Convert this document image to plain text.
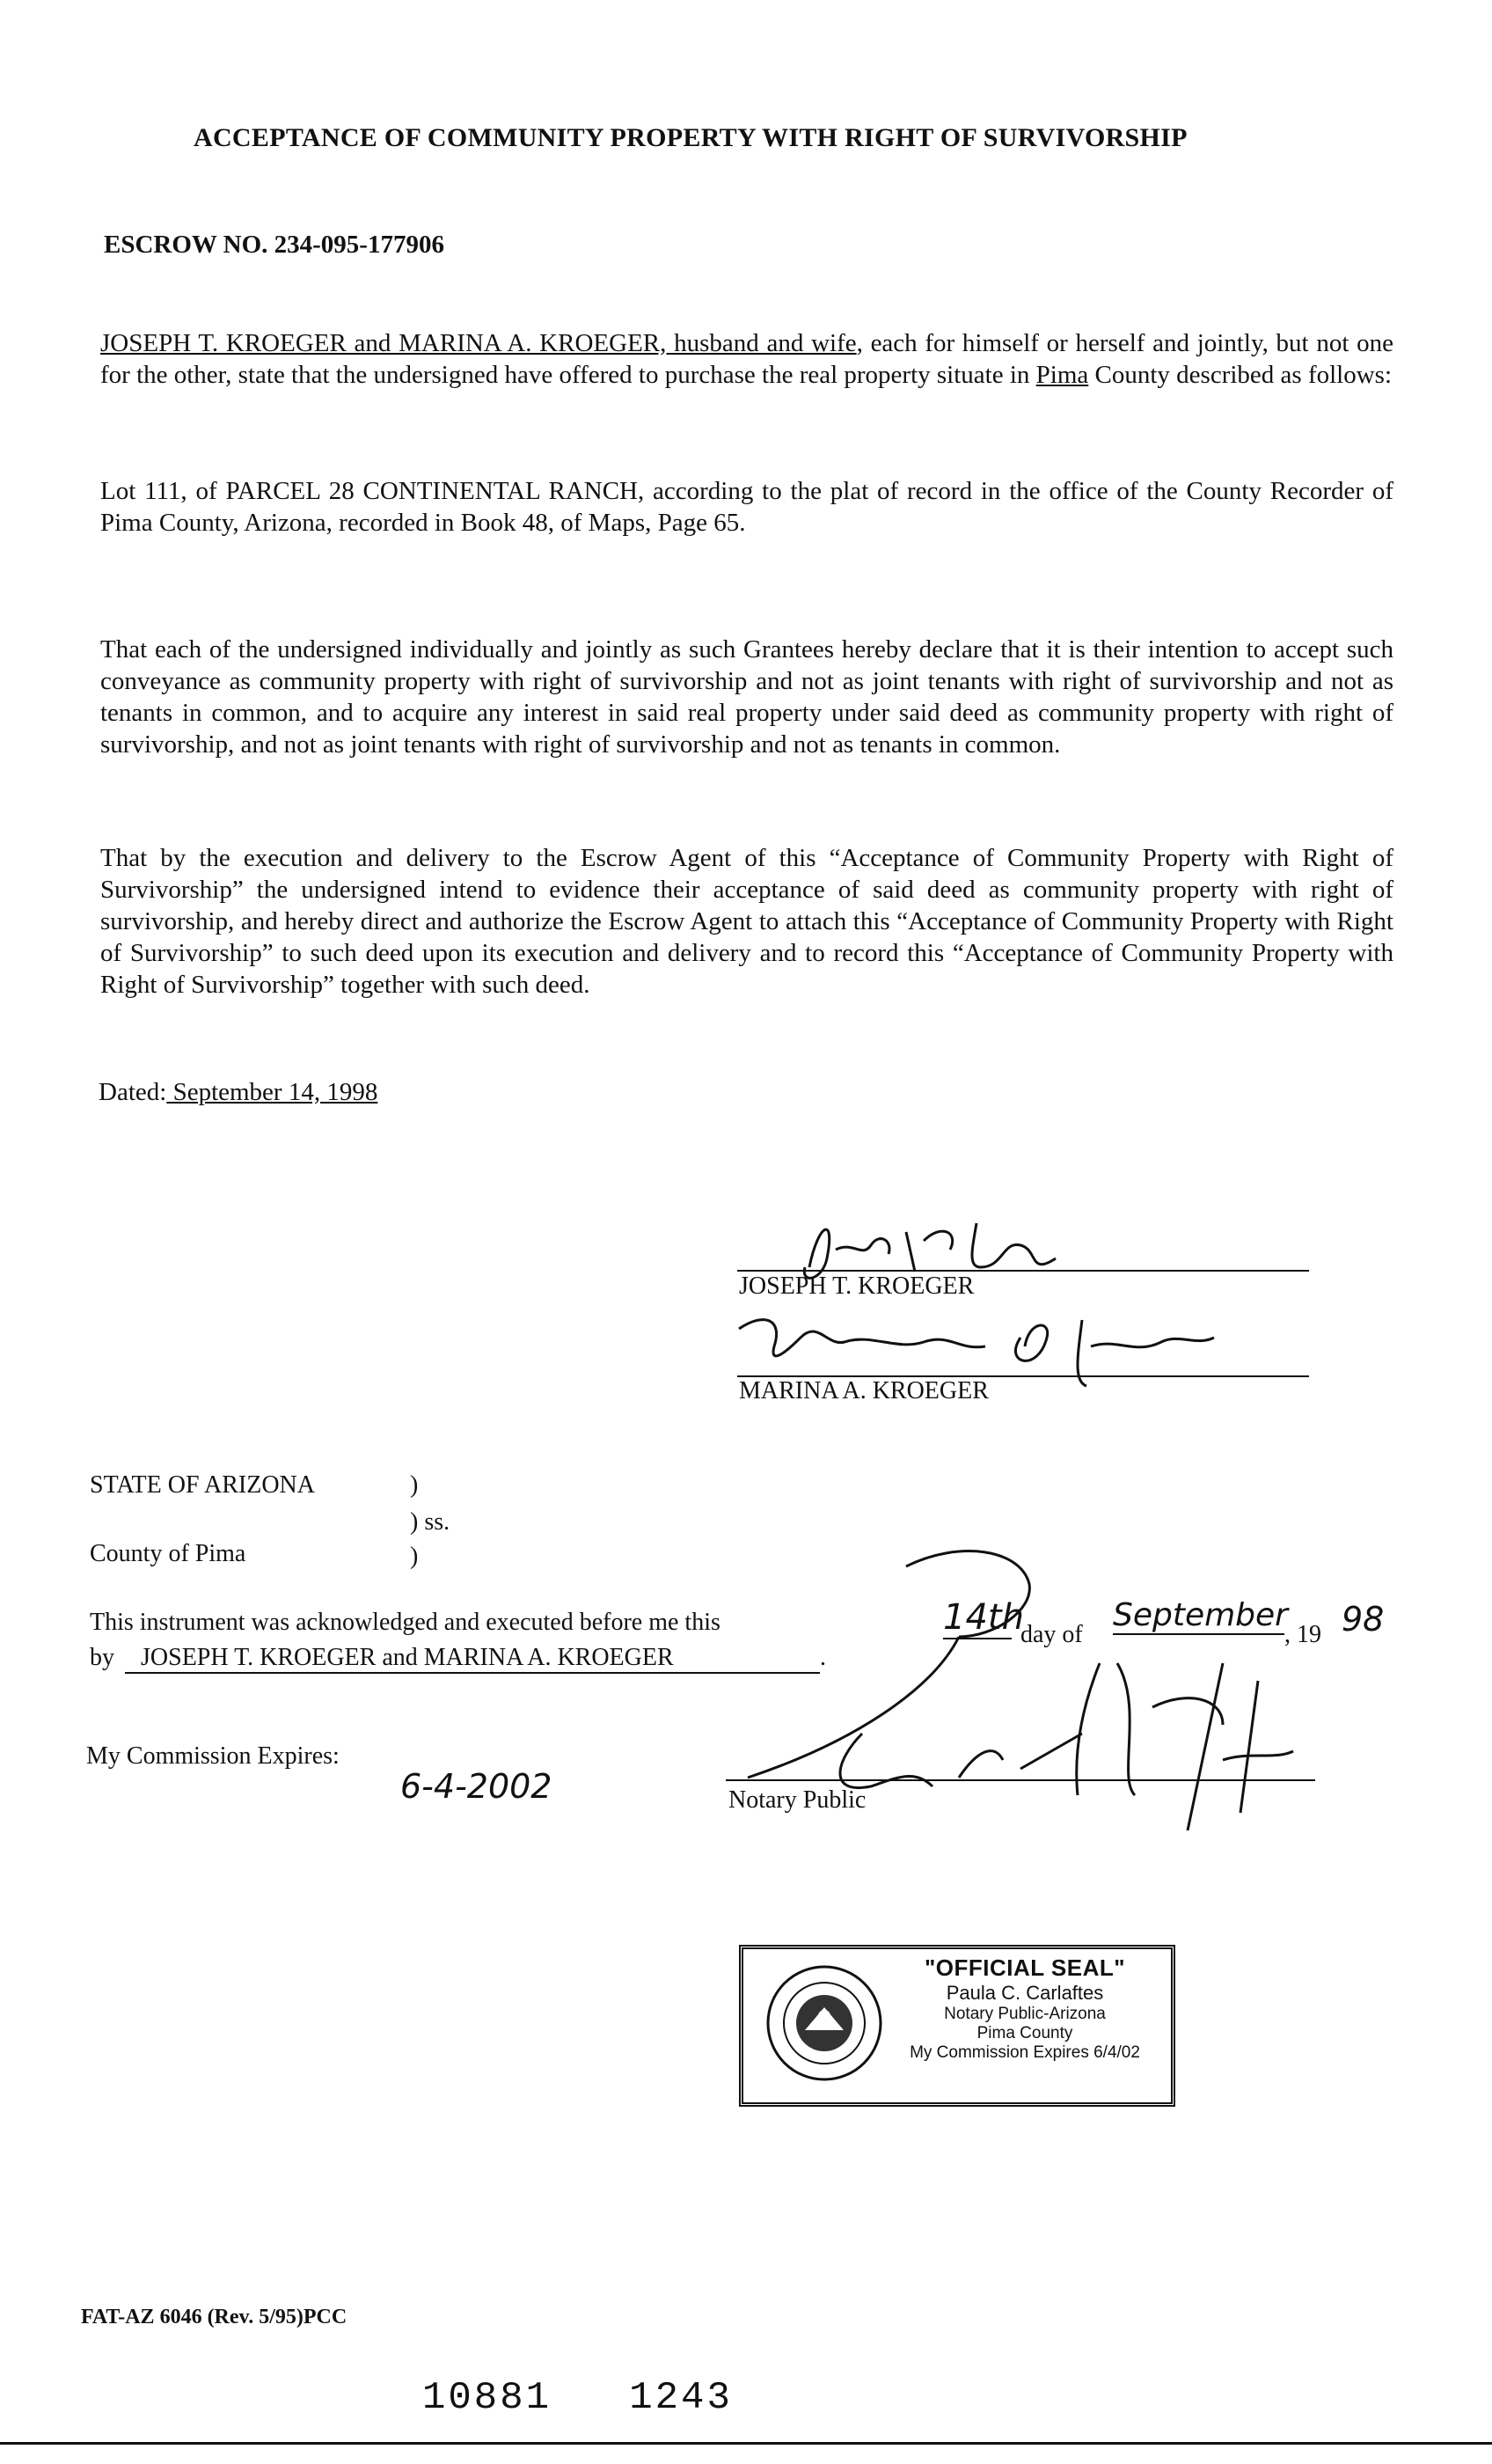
ACCEPTANCE OF COMMUNITY PROPERTY WITH RIGHT OF SURVIVORSHIP
ESCROW NO. 234-095-177906
JOSEPH T. KROEGER and MARINA A. KROEGER, husband and wife, each for himself or herself and jointly, but not one for the other, state that the undersigned have offered to purchase the real property situate in Pima County described as follows:
Lot 111, of PARCEL 28 CONTINENTAL RANCH, according to the plat of record in the office of the County Recorder of Pima County, Arizona, recorded in Book 48, of Maps, Page 65.
That each of the undersigned individually and jointly as such Grantees hereby declare that it is their intention to accept such conveyance as community property with right of survivorship and not as joint tenants with right of survivorship and not as tenants in common, and to acquire any interest in said real property under said deed as community property with right of survivorship, and not as joint tenants with right of survivorship and not as tenants in common.
That by the execution and delivery to the Escrow Agent of this “Acceptance of Community Property with Right of Survivorship” the undersigned intend to evidence their acceptance of said deed as community property with right of survivorship, and hereby direct and authorize the Escrow Agent to attach this “Acceptance of Community Property with Right of Survivorship” to such deed upon its execution and delivery and to record this “Acceptance of Community Property with Right of Survivorship” together with such deed.
Dated: September 14, 1998
JOSEPH T. KROEGER
MARINA A. KROEGER
STATE OF ARIZONA	)
) ss.
County of Pima	)
This instrument was acknowledged and executed before me this	14th
day of
September
, 19 98
by	JOSEPH T. KROEGER and MARINA A. KROEGER	.
My Commission Expires:
6-4-2002	Notary Public
"OFFICIAL SEAL"
Paula C. Carlaftes
Notary Public-Arizona
Pima County
My Commission Expires 6/4/02
FAT-AZ 6046 (Rev. 5/95)PCC
10881   1243
